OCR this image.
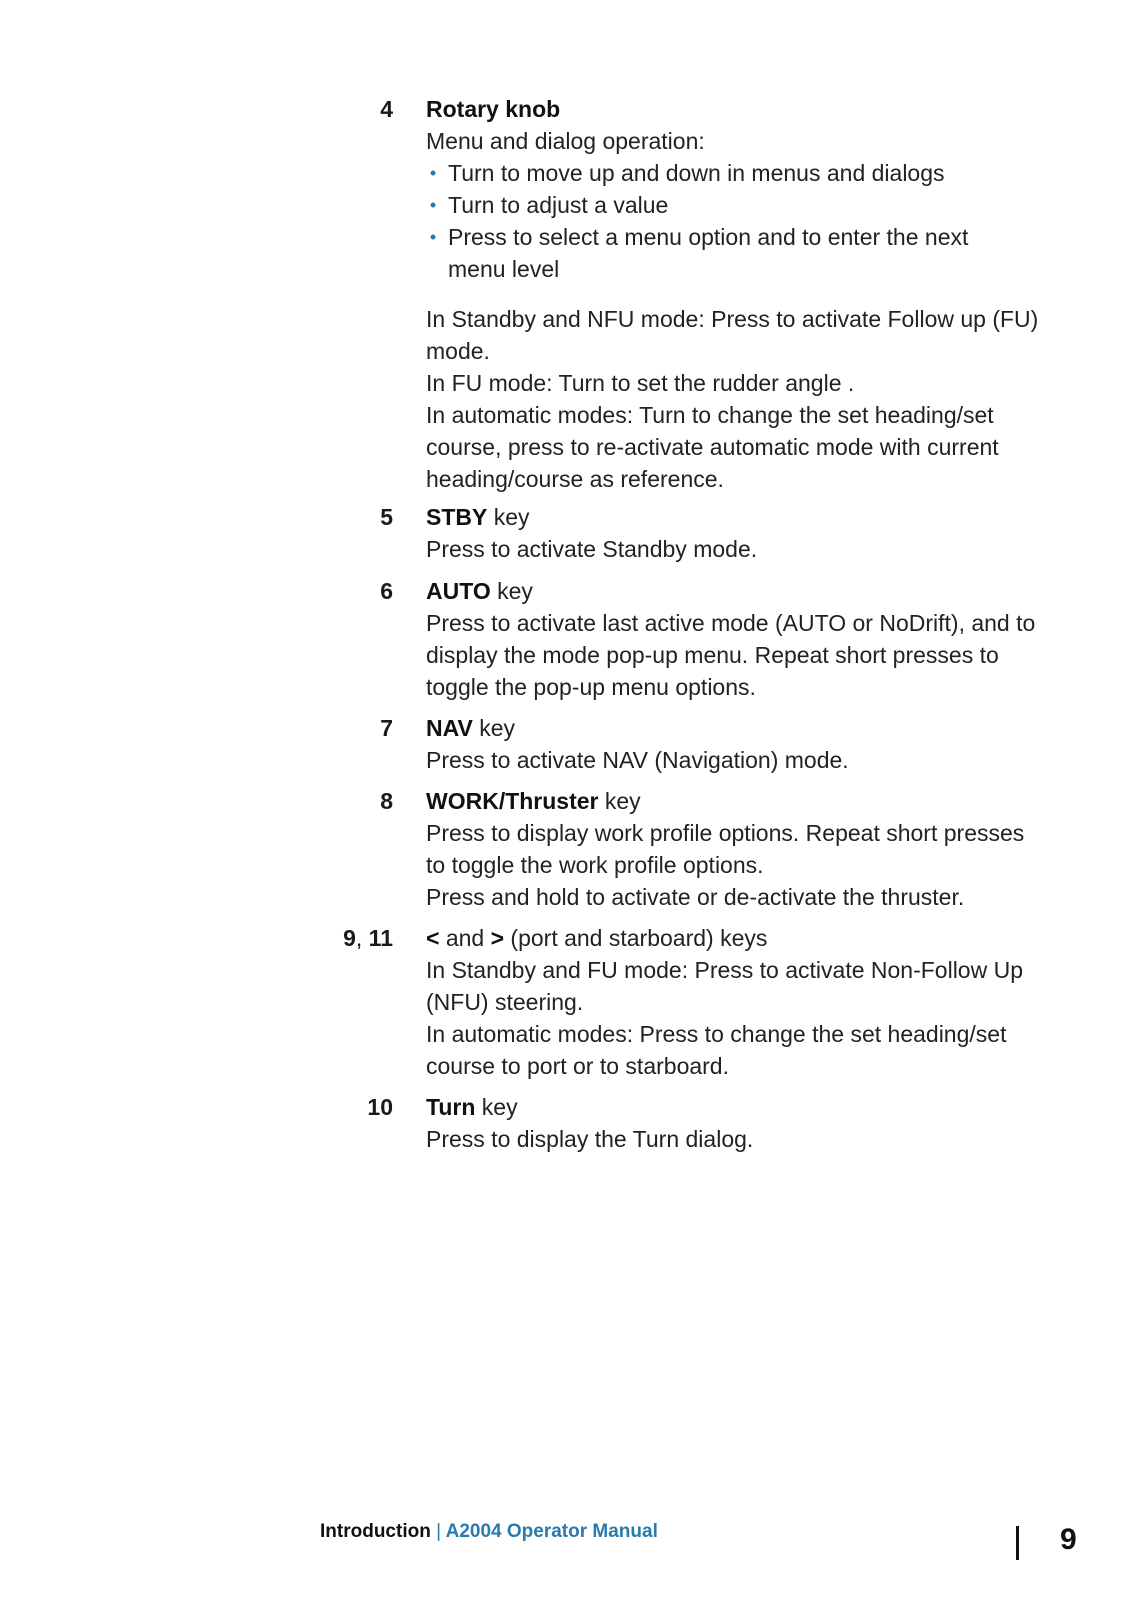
4 Rotary knob
Menu and dialog operation:
• Turn to move up and down in menus and dialogs
• Turn to adjust a value
• Press to select a menu option and to enter the next menu level
In Standby and NFU mode: Press to activate Follow up (FU) mode.
In FU mode: Turn to set the rudder angle .
In automatic modes: Turn to change the set heading/set course, press to re-activate automatic mode with current heading/course as reference.
5 STBY key
Press to activate Standby mode.
6 AUTO key
Press to activate last active mode (AUTO or NoDrift), and to display the mode pop-up menu. Repeat short presses to toggle the pop-up menu options.
7 NAV key
Press to activate NAV (Navigation) mode.
8 WORK/Thruster key
Press to display work profile options. Repeat short presses to toggle the work profile options.
Press and hold to activate or de-activate the thruster.
9, 11 < and > (port and starboard) keys
In Standby and FU mode: Press to activate Non-Follow Up (NFU) steering.
In automatic modes: Press to change the set heading/set course to port or to starboard.
10 Turn key
Press to display the Turn dialog.
Introduction | A2004 Operator Manual	9
